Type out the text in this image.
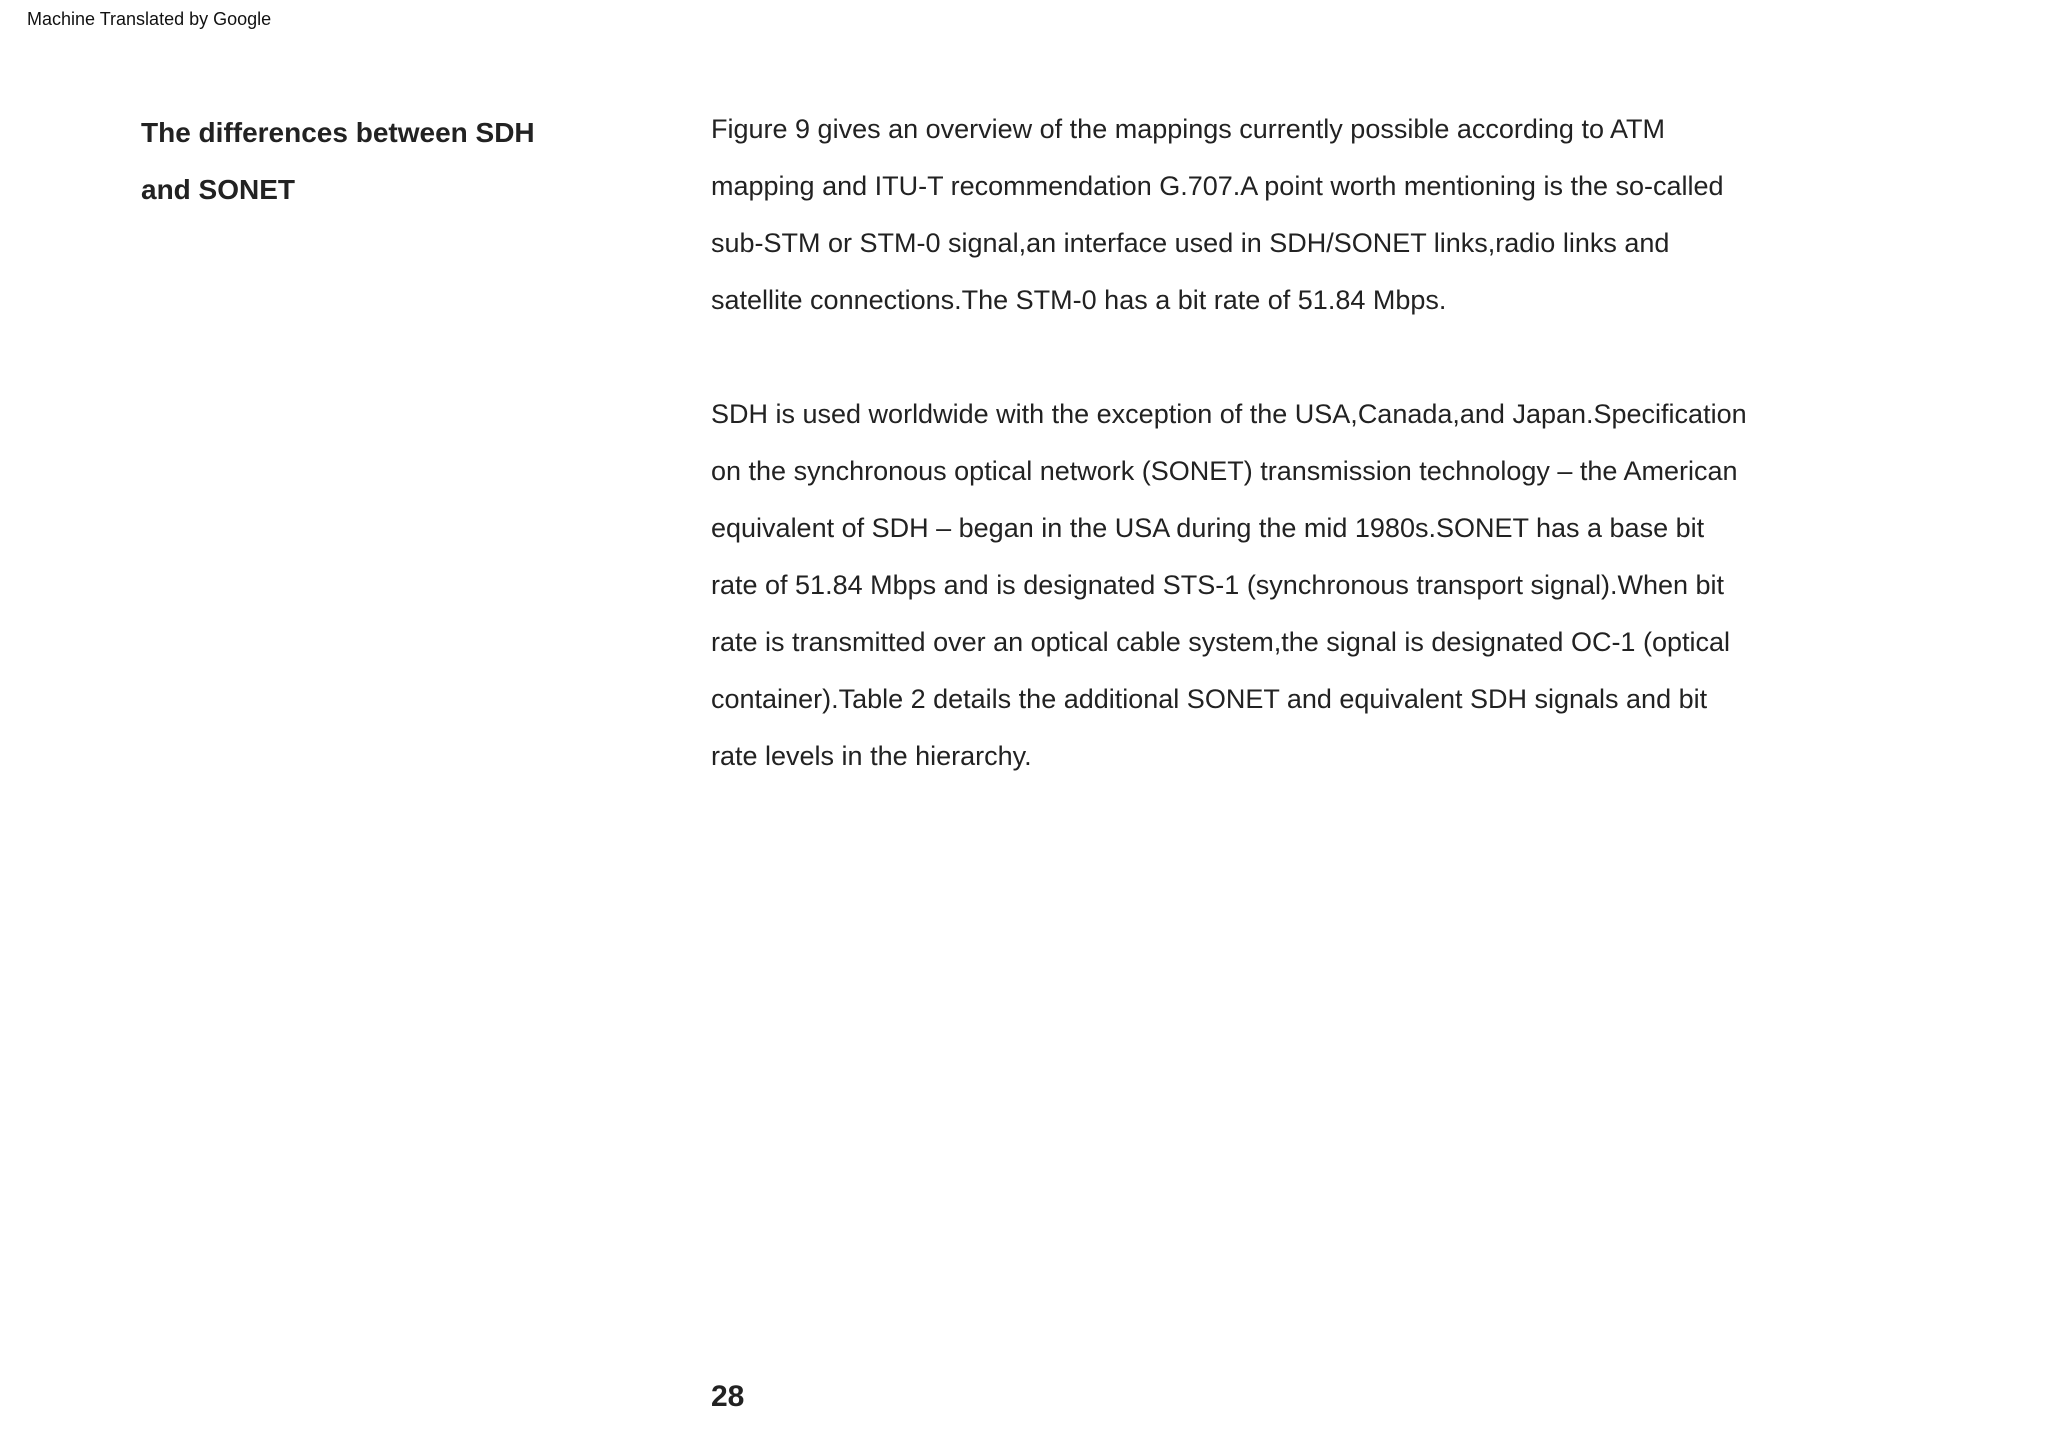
Machine Translated by Google
The differences between SDH
and SONET

Figure 9 gives an overview of the mappings currently possible according to ATM

mapping and ITU-T recommendation G.707.A point worth mentioning is the so-called

sub-STM or STM-0 signal,an interface used in SDH/SONET links,radio links and

satellite connections.The STM-0 has a bit rate of 51.84 Mbps.

SDH is used worldwide with the exception of the USA,Canada,and Japan.Specification

on the synchronous optical network (SONET) transmission technology – the American

equivalent of SDH – began in the USA during the mid 1980s.SONET has a base bit

rate of 51.84 Mbps and is designated STS-1 (synchronous transport signal).When bit

rate is transmitted over an optical cable system,the signal is designated OC-1 (optical

container).Table 2 details the additional SONET and equivalent SDH signals and bit

rate levels in the hierarchy.

28
